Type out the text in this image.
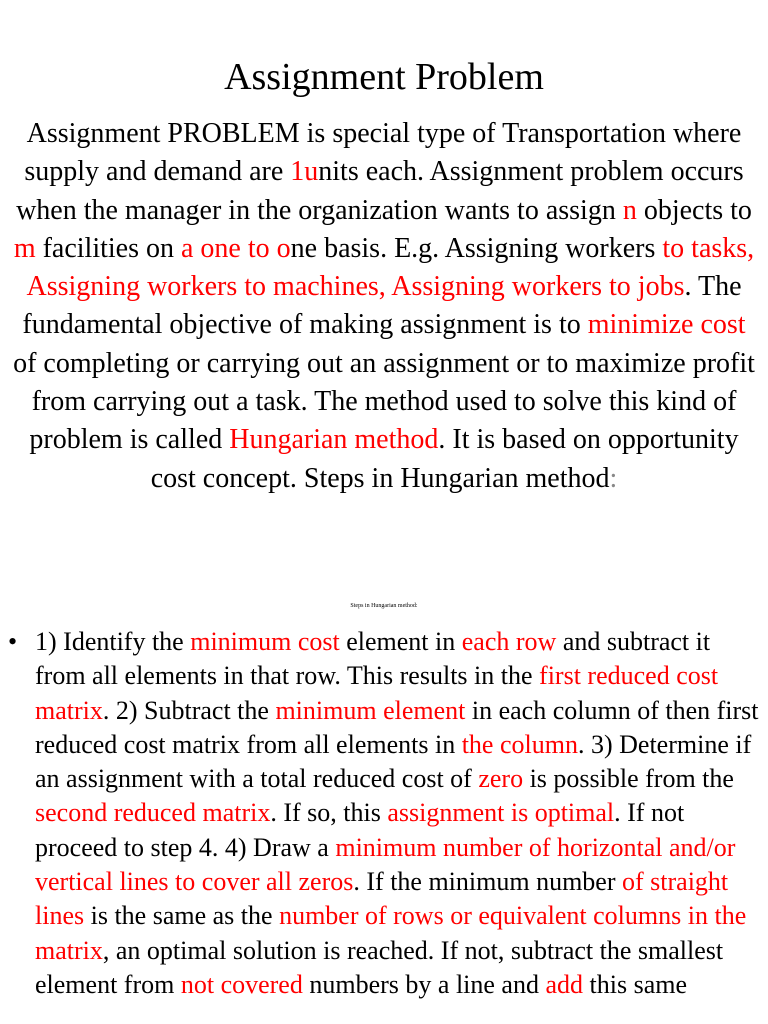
Assignment Problem

Assignment PROBLEM is special type of Transportation where supply and demand are 1units each. Assignment problem occurs when the manager in the organization wants to assign n objects to m facilities on a one to one basis. E.g. Assigning workers to tasks, Assigning workers to machines, Assigning workers to jobs. The fundamental objective of making assignment is to minimize cost of completing or carrying out an assignment or to maximize profit from carrying out a task. The method used to solve this kind of problem is called Hungarian method. It is based on opportunity cost concept. Steps in Hungarian method:

Steps in Hungarian method:

• 1) Identify the minimum cost element in each row and subtract it from all elements in that row. This results in the first reduced cost matrix. 2) Subtract the minimum element in each column of then first reduced cost matrix from all elements in the column. 3) Determine if an assignment with a total reduced cost of zero is possible from the second reduced matrix. If so, this assignment is optimal. If not proceed to step 4. 4) Draw a minimum number of horizontal and/or vertical lines to cover all zeros. If the minimum number of straight lines is the same as the number of rows or equivalent columns in the matrix, an optimal solution is reached. If not, subtract the smallest element from not covered numbers by a line and add this same
